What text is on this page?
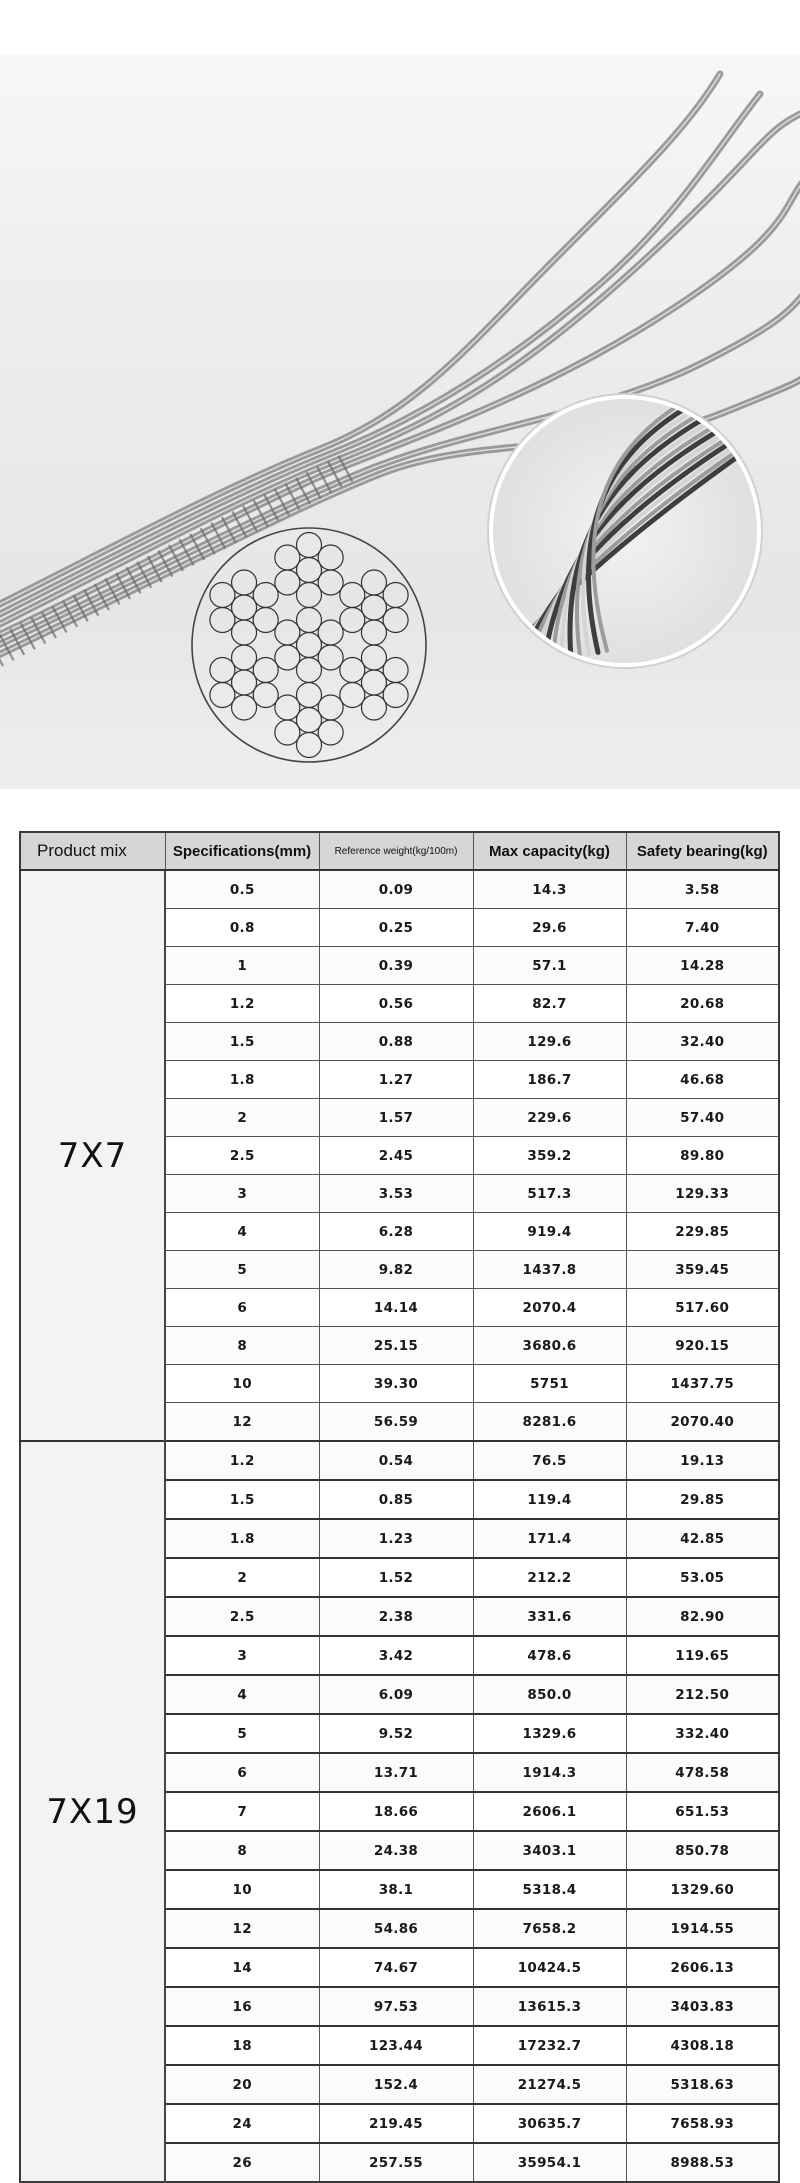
Product mix	Specifications(mm)	Reference weight(kg/100m)	Max capacity(kg)	Safety bearing(kg)
7X7	0.5	0.09	14.3	3.58
	0.8	0.25	29.6	7.40
	1	0.39	57.1	14.28
	1.2	0.56	82.7	20.68
	1.5	0.88	129.6	32.40
	1.8	1.27	186.7	46.68
	2	1.57	229.6	57.40
	2.5	2.45	359.2	89.80
	3	3.53	517.3	129.33
	4	6.28	919.4	229.85
	5	9.82	1437.8	359.45
	6	14.14	2070.4	517.60
	8	25.15	3680.6	920.15
	10	39.30	5751	1437.75
	12	56.59	8281.6	2070.40
7X19	1.2	0.54	76.5	19.13
	1.5	0.85	119.4	29.85
	1.8	1.23	171.4	42.85
	2	1.52	212.2	53.05
	2.5	2.38	331.6	82.90
	3	3.42	478.6	119.65
	4	6.09	850.0	212.50
	5	9.52	1329.6	332.40
	6	13.71	1914.3	478.58
	7	18.66	2606.1	651.53
	8	24.38	3403.1	850.78
	10	38.1	5318.4	1329.60
	12	54.86	7658.2	1914.55
	14	74.67	10424.5	2606.13
	16	97.53	13615.3	3403.83
	18	123.44	17232.7	4308.18
	20	152.4	21274.5	5318.63
	24	219.45	30635.7	7658.93
	26	257.55	35954.1	8988.53
